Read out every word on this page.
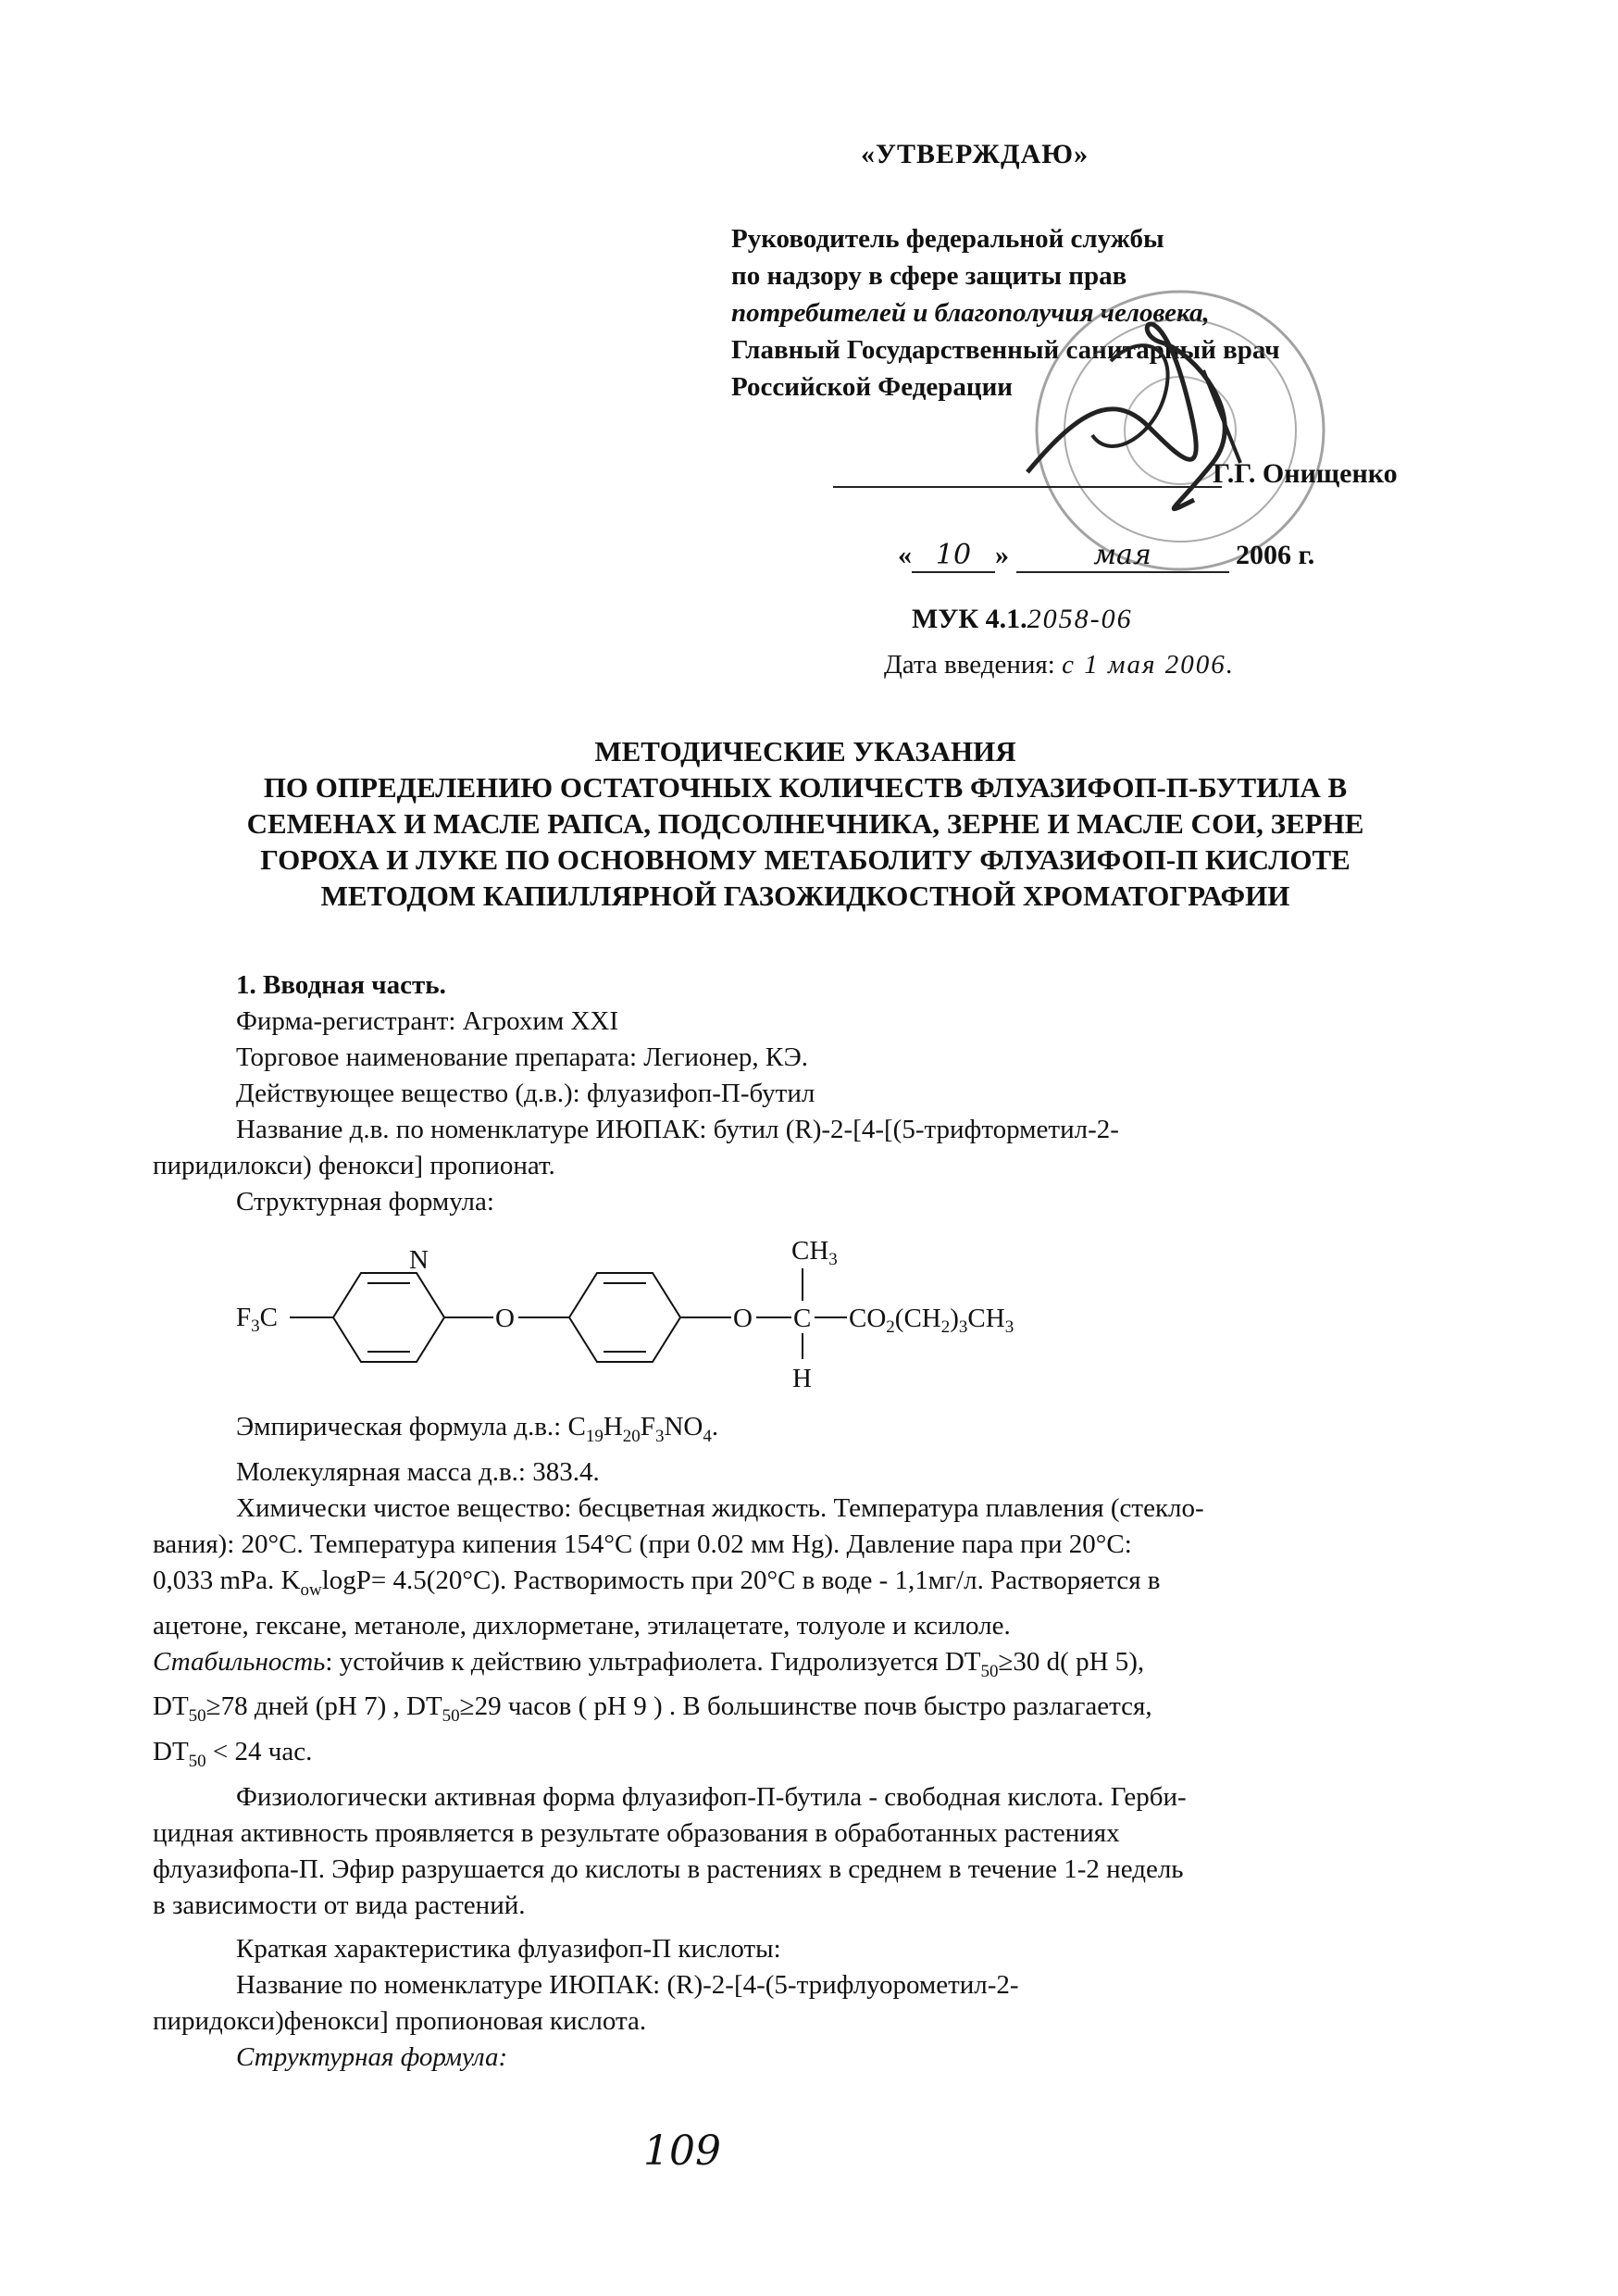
«УТВЕРЖДАЮ»
Руководитель федеральной службы
по надзору в сфере защиты прав
потребителей и благополучия человека,
Главный Государственный санитарный врач
Российской Федерации
Г.Г. Онищенко
« 10 »	мая	2006 г.
МУК 4.1.2058-06
Дата введения: с 1 мая 2006.
МЕТОДИЧЕСКИЕ УКАЗАНИЯ
ПО ОПРЕДЕЛЕНИЮ ОСТАТОЧНЫХ КОЛИЧЕСТВ ФЛУАЗИФОП-П-БУТИЛА В
СЕМЕНАХ И МАСЛЕ РАПСА, ПОДСОЛНЕЧНИКА, ЗЕРНЕ И МАСЛЕ СОИ, ЗЕРНЕ
ГОРОХА И ЛУКЕ ПО ОСНОВНОМУ МЕТАБОЛИТУ ФЛУАЗИФОП-П КИСЛОТЕ
МЕТОДОМ КАПИЛЛЯРНОЙ ГАЗОЖИДКОСТНОЙ ХРОМАТОГРАФИИ
1. Вводная часть.
Фирма-регистрант: Агрохим XXI
Торговое наименование препарата: Легионер, КЭ.
Действующее вещество (д.в.): флуазифоп-П-бутил
Название д.в. по номенклатуре ИЮПАК: бутил (R)-2-[4-[(5-трифторметил-2-
пиридилокси) фенокси] пропионат.
Структурная формула:
$F_3C$
N
O	O C
$CH_3$
H
$CO_2(CH_2)_3CH_3$
Эмпирическая формула д.в.: $C_{19}H_{20}F_3NO_4$.
Молекулярная масса д.в.: 383.4.
Химически чистое вещество: бесцветная жидкость. Температура плавления (стекло-
вания): 20°C. Температура кипения 154°C (при 0.02 мм Hg). Давление пара при 20°C:
0,033 mPa. $K_{ow}\log P= 4.5(20^\circ C)$. Растворимость при 20°C в воде - 1,1мг/л. Растворяется в
ацетоне, гексане, метаноле, дихлорметане, этилацетате, толуоле и ксилоле.
Стабильность: устойчив к действию ультрафиолета. Гидролизуется $DT_{50}\ge 30$ d( pH 5),
$DT_{50}\ge 78$ дней (pH 7) , $DT_{50}\ge 29$ часов ( pH 9 ) . В большинстве почв быстро разлагается,
$DT_{50} < 24$ час.
Физиологически активная форма флуазифоп-П-бутила - свободная кислота. Герби-
цидная активность проявляется в результате образования в обработанных растениях
флуазифопа-П. Эфир разрушается до кислоты в растениях в среднем в течение 1-2 недель
в зависимости от вида растений.
Краткая характеристика флуазифоп-П кислоты:
Название по номенклатуре ИЮПАК: (R)-2-[4-(5-трифлуорометил-2-
пиридокси)фенокси] пропионовая кислота.
Структурная формула:
109
